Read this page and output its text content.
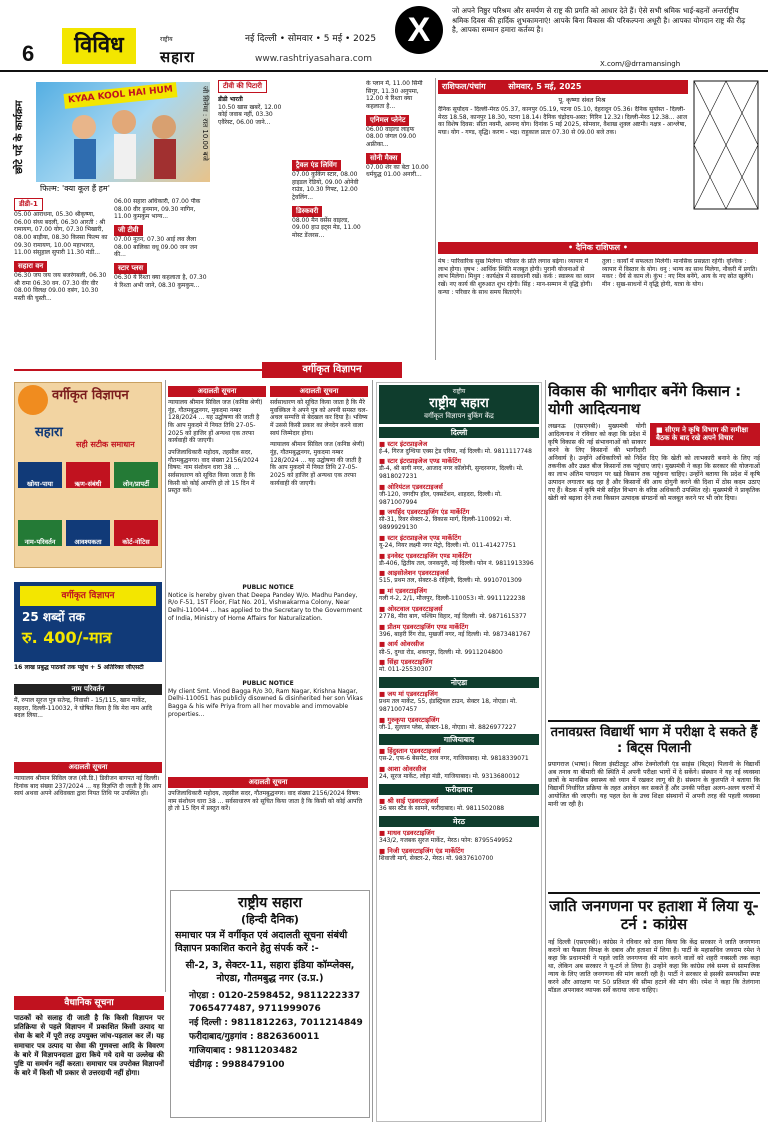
6	विविध	राष्ट्रीय
सहारा
नई दिल्ली • सोमवार • 5 मई • 2025
www.rashtriyasahara.com
X
जो अपने निष्ठुर परिश्रम और समर्पण से राष्ट्र की प्रगति को आधार देते हैं। ऐसे सभी श्रमिक भाई-बहनों अन्तर्राष्ट्रीय श्रमिक दिवस की हार्दिक शुभकामनाएं! आपके बिना विकास की परिकल्पना अधूरी है। आपका योगदान राष्ट्र की रीढ़ है, आपका सम्मान हमारा कर्तव्य है।
X.com/@drramansingh
KYAA KOOL HAI HUM
छोटे पर्दे के कार्यक्रम
फिल्म: 'क्या कूल हैं हम'
जी सिनेमा : रात 10.00 बजे
डीडी-1
05.00 आराधना, 05.30 श्रीकृष्णा, 06.00 संध्य बदली, 06.30 आरती : श्री रामायण, 07.00 योग, 07.30 भिखारी, 08.00 बाड़ीया, 08.30 किस्सा फिल्म का 09.30 रामायण, 10.00 महाभारत, 11.00 संसुहाल सुपारी 11.30 मंडी...
सहारा वन
06.30 जय जय जय बजरंगबली, 06.30 श्री रामा 06.30 वन. 07.30 वीर वीर 08.00 विलक्ष 09.00 दबंग, 10.30 मस्ती की चुस्ती...
06.00 सहारा अधिकारी, 07.00 पीक 08.00 वीर हुनमान, 09.30 नागिन, 11.00 कुमकुम भाग्य...
जी टीवी
07.00 नूतन, 07.30 आई लव लैला 08.00 बालिका वधू 09.00 जन जन की...
स्टार प्लस
06.30 ये रिश्ता क्या कहलाता है, 07.30 ये रिश्ता अभी जाने, 08.30 कुमकुम...
टीवी की पिटारी
डीडी भारती
10.50 खास खबरें, 12.00 कोई जवाब नहीं, 03.30 एवैरेस्ट, 06.00 जाने...
ट्रैवल एंड लिविंग
07.00 कुकिंग स्टार, 08.00 हाइडल रेडियो, 09.00 ओनेवी राउंड, 10.30 गिफ्ट, 12.00 ट्रेवलिंग...
डिस्कवरी
08.00 मैन वर्सेस वाइल्ड, 09.00 हाउ इट्स मेड, 11.00 मोस्ट डेंजरस...
के प्लान में, 11.00 सिमी सिगुर, 11.30 अनुपमा, 12.00 ये रिश्ता क्या कहलाता है...
एनिमल प्लेनेट
06.00 वाइल्ड लाइफ 08.00 जंगल 09.00 अफ्रीका...
सोनी मैक्स
07.00 शेर का बेटा 10.00 धर्मयुद्ध 01.00 अनारी...
राशिफल/पंचांग	सोमवार, 5 मई, 2025
पू. कृष्णा संवत मिश्र
दैनिक सूर्योदय - दिल्ली-मेरठ 05.37, कानपुर 05.19, पटना 05.10, देहरादून 05.36। दैनिक सूर्यास्त - दिल्ली-मेरठ 18.58, कानपुर 18.30, पटना 18.14। दैनिक चंद्रोदय-अस्त: गिरिन 12.32। दिल्ली-मेरठ 12.38... आज का विशेष दिवस: सीता नवमी, आनन्द योग। दिनांक 5 मई 2025, सोमवार, वैशाख शुक्ल अष्टमी। नक्षत्र - आश्लेषा, मघा। योग - गण्ड, वृद्धि। करण - भद्र। राहुकाल प्रातः 07.30 से 09.00 बजे तक।
• दैनिक राशिफल •
मेष : पारिवारिक सुख मिलेगा। परिवार के प्रति लगाव बढ़ेगा। व्यापार में लाभ होगा। वृषभ : आर्थिक स्थिति मजबूत होगी। पुरानी योजनाओं से लाभ मिलेगा। मिथुन : कार्यक्षेत्र में सावधानी रखें। कर्क : स्वास्थ्य का ध्यान रखें। नए कार्य की शुरुआत शुभ रहेगी। सिंह : मान-सम्मान में वृद्धि होगी। कन्या : परिवार के साथ समय बिताएंगे।
तुला : कार्यों में सफलता मिलेगी। मानसिक प्रसन्नता रहेगी। वृश्चिक : व्यापार में विस्तार के योग। धनु : भाग्य का साथ मिलेगा, नौकरी में प्रगति। मकर : धैर्य से काम लें। कुंभ : नए मित्र बनेंगे, आय के नए स्रोत खुलेंगे। मीन : सुख-साधनों में वृद्धि होगी, यात्रा के योग।
वर्गीकृत विज्ञापन
वर्गीकृत विज्ञापन
सहारा
सही सटीक समाधान
खोया-पाया	ऋण-संबंधी	लोन/प्रापर्टी
नाम-परिवर्तन	आवश्यकता	कोर्ट-नोटिस
PUBLIC NOTICE
Notice is hereby given that Deepa Pandey W/o. Madhu Pandey, R/o F-51, 1ST Floor, Flat No. 201, Vishwakarma Colony, Near Delhi-110044 ... has applied to the Secretary to the Government of India, Ministry of Home Affairs for Naturalization.
वर्गीकृत विज्ञापन
25 शब्दों तक
रु. 400/-मात्र
16 लाख प्रबुद्ध पाठकों तक पहुंच + 5 अतिरिक्त जीएसटी
नाम परिवर्तन
मैं, रुपाल सूरज पुत्र सतेन्द्र, निवासी - 15/115, खान मार्केट, सहदरा, दिल्ली-110032, ने घोषित किया है कि मेरा नाम आदि बदल लिया...
अदालती सूचना
न्यायालय श्रीमान सिविल जज (सी.डि.) डिवीजन बागपत नई दिल्ली। दिनांक बाद संख्या 237/2024 ... यह विज्ञप्ति दी जाती है कि आप स्वयं अथवा अपने अधिवक्ता द्वारा नियत तिथि पर उपस्थित हों।
PUBLIC NOTICE
My client Smt. Vinod Bagga R/o 30, Ram Nagar, Krishna Nagar, Delhi-110051 has publicly disowned & disinherited her son Vikas Bagga & his wife Priya from all her movable and immovable properties...
अदालती सूचना
न्यायालय श्रीमान सिविल जज (कनिष्ठ श्रेणी) नूंह, गौतमबुद्धनगर, मुकदमा नम्बर 128/2024 ... यह उद्घोषणा की जाती है कि आप मुकदमे में नियत तिथि 27-05-2025 को हाजिर हों अन्यथा एक तरफा कार्यवाही की जाएगी।
उपजिलाधिकारी महोदय, तहसील सदर, गौतमबुद्धनगर। वाद संख्या 2156/2024 विषय: नाम संशोधन धारा 38 ... सर्वसाधारण को सूचित किया जाता है कि किसी को कोई आपत्ति हो तो 15 दिन में प्रस्तुत करें।
अदालती सूचना
सर्वसाधारण को सूचित किया जाता है कि मैरे मुवक्किल ने अपने पुत्र को अपनी समस्त चल-अचल सम्पत्ति से बेदखल कर दिया है। भविष्य में उससे किसी प्रकार का लेनदेन करने वाला स्वयं जिम्मेदार होगा।
न्यायालय श्रीमान सिविल जज (कनिष्ठ श्रेणी) नूंह, गौतमबुद्धनगर, मुकदमा नम्बर 128/2024 ... यह उद्घोषणा की जाती है कि आप मुकदमे में नियत तिथि 27-05-2025 को हाजिर हों अन्यथा एक तरफा कार्यवाही की जाएगी।
अदालती सूचना
उपजिलाधिकारी महोदय, तहसील सदर, गौतमबुद्धनगर। वाद संख्या 2156/2024 विषय: नाम संशोधन धारा 38 ... सर्वसाधारण को सूचित किया जाता है कि किसी को कोई आपत्ति हो तो 15 दिन में प्रस्तुत करें।
राष्ट्रीय सहारा
(हिन्दी दैनिक)
समाचार पत्र में वर्गीकृत एवं अदालती सूचना संबंधी विज्ञापन प्रकाशित कराने हेतु संपर्क करें :-
सी-2, 3, सेक्टर-11, सहारा इंडिया कॉम्प्लेक्स, नोएडा, गौतमबुद्ध नगर (उ.प्र.)
नोएडा : 0120-2598452, 9811222337
7065477487, 9711999076
नई दिल्ली : 9811812263, 7011214849
फरीदाबाद/गुड़गांव : 8826360011
गाजियाबाद : 9811203482
चंडीगढ़ : 9988479100
वैधानिक सूचना
पाठकों को सलाह दी जाती है कि किसी विज्ञापन पर प्रतिक्रिया से पहले विज्ञापन में प्रकाशित किसी उत्पाद या सेवा के बारे में पूरी तरह उपयुक्त जांच-पड़ताल कर लें। यह समाचार पत्र उत्पाद या सेवा की गुणवत्ता आदि के विवरण के बारे में विज्ञापनदाता द्वारा किये गये दावे या उल्लेख की पुष्टि या समर्थन नहीं करता। समाचार पत्र उपरोक्त विज्ञापनों के बारे में किसी भी प्रकार से उत्तरदायी नहीं होगा।
राष्ट्रीय
राष्ट्रीय सहारा
वर्गीकृत विज्ञापन बुकिंग केंद्र
दिल्ली
■ स्टार इंटरप्राइजेज
ई-4, गिरज दुग्धिया एक्स ट्रेड एरिया, नई दिल्ली। मो. 9811117748
■ स्टार इंटरप्राइजेज एण्ड मार्केटिंग
डी-4, श्री बागी नगर, आजाद नगर कॉलोनी, सुन्दरनगर, दिल्ली। मो. 9818027231
■ ओरियंटल एडवरटाइजर्स
जी-120, जगदीप हॉल, एक्सटेंशन, शाहदरा, दिल्ली। मो. 9871007994
■ जयहिंद एडवरटाइजिंग एंड मार्केटिंग
सी-31, रिवर सेक्टर-2, विकास मार्ग, दिल्ली-110092। मो. 9899929130
■ स्टार इंटरप्राइजेज एण्ड मार्केटिंग
यू-24, नियर लक्ष्मी नगर मेट्रो, दिल्ली। मो. 011-41427751
■ इनवेस्ट एडवरटाइजिंग एण्ड मार्केटिंग
डी-406, द्वितीय तल, जनकपुरी, नई दिल्ली। फोन नं. 9811913396
■ आइसोलेशन एडवरटाइजर्स
515, प्रथम तल, सेक्टर-8 रोहिणी, दिल्ली। मो. 9910701309
■ मां एडवरटाइजिंग
गली नं-2, 2/1, मौजपुर, दिल्ली-110053। मो. 9911122238
■ ओस्टवाल एडवरटाइजर्स
2778, मीरा बाग, पश्चिम विहार, नई दिल्ली। मो. 9871615377
■ प्रीतम एडवरटाइजिंग एण्ड मार्केटिंग
396, बाहरी रिंग रोड, मुखर्जी नगर, नई दिल्ली। मो. 9873481767
■ आर्य ओवरसीज
सी-5, दुग्धा रोड, शकरपुर, दिल्ली। मो. 9911204800
■ सिंहा एडवरटाइजिंग
मो. 011-25530307
नोएडा
■ जय मां एडवरटाइजिंग
प्रथम तल मार्केट, 55, इंडस्ट्रियल टाउन, सेक्टर 18, नोएडा। मो. 9871007457
■ गुरुकृपा एडवरटाइजिंग
जी-1, सुल्तान प्लेस, सेक्टर-18, नोएडा। मो. 8826977227
गाजियाबाद
■ हिंदुस्तान एडवरटाइजर्स
एस-2, एफ-6 बेसमेंट, राज नगर, गाजियाबाद। मो. 9818339071
■ आशा ओवरसीज
24, सूरज मार्केट, लोहा मंडी, गाजियाबाद। मो. 9313680012
फरीदाबाद
■ श्री साई एडवरटाइजर्स
36 बस स्टैंड के सामने, फरीदाबाद। मो. 9811502088
मेरठ
■ माधव एडवरटाइजिंग
343/2, गजबक सुरज मार्केट, मेरठ। फोन: 8795549952
■ निजी एडवरटाइजिंग एंड मार्केटिंग
शिवाजी मार्ग, सेक्टर-2, मेरठ। मो. 9837610700
विकास की भागीदार बनेंगे किसान : योगी आदित्यनाथ
■ सीएम ने कृषि विभाग की समीक्षा बैठक के बाद रखे अपने विचार
लखनऊ (एसएनबी)। मुख्यमंत्री योगी आदित्यनाथ ने रविवार को कहा कि प्रदेश में कृषि विकास की नई संभावनाओं को साकार करने के लिए किसानों की भागीदारी अनिवार्य है। उन्होंने अधिकारियों को निर्देश दिए कि खेती को लाभकारी बनाने के लिए नई तकनीक और उन्नत बीज किसानों तक पहुंचाए जाएं। मुख्यमंत्री ने कहा कि सरकार की योजनाओं का लाभ अंतिम पायदान पर खड़े किसान तक पहुंचना चाहिए। उन्होंने बताया कि प्रदेश में कृषि उत्पादन लगातार बढ़ रहा है और किसानों की आय दोगुनी करने की दिशा में ठोस कदम उठाए गए हैं। बैठक में कृषि मंत्री सहित विभाग के वरिष्ठ अधिकारी उपस्थित रहे। मुख्यमंत्री ने प्राकृतिक खेती को बढ़ावा देने तथा किसान उत्पादक संगठनों को मजबूत करने पर भी जोर दिया।
तनावग्रस्त विद्यार्थी भाग में परीक्षा दे सकते हैं : बिट्स पिलानी
प्रयागराज (भाषा)। बिरला इंस्टीट्यूट ऑफ टेक्नोलॉजी एंड साइंस (बिट्स) पिलानी के विद्यार्थी अब तनाव या बीमारी की स्थिति में अपनी परीक्षा भागों में दे सकेंगे। संस्थान ने यह नई व्यवस्था छात्रों के मानसिक स्वास्थ्य को ध्यान में रखकर लागू की है। संस्थान के कुलपति ने बताया कि विद्यार्थी निर्धारित प्रक्रिया के तहत आवेदन कर सकते हैं और उनकी परीक्षा अलग-अलग चरणों में आयोजित की जाएगी। यह पहल देश के उच्च शिक्षा संस्थानों में अपनी तरह की पहली व्यवस्था मानी जा रही है।
जाति जनगणना पर हताशा में लिया यू-टर्न : कांग्रेस
नई दिल्ली (एसएनबी)। कांग्रेस ने रविवार को दावा किया कि केंद्र सरकार ने जाति जनगणना कराने का फैसला विपक्ष के दबाव और हताशा में लिया है। पार्टी के महासचिव जयराम रमेश ने कहा कि प्रधानमंत्री ने पहले जाति जनगणना की मांग करने वालों को शहरी नक्सली तक कहा था, लेकिन अब सरकार ने यू-टर्न ले लिया है। उन्होंने कहा कि कांग्रेस लंबे समय से सामाजिक न्याय के लिए जाति जनगणना की मांग करती रही है। पार्टी ने सरकार से इसकी समयसीमा स्पष्ट करने और आरक्षण पर 50 प्रतिशत की सीमा हटाने की मांग की। रमेश ने कहा कि तेलंगाना मॉडल अपनाकर व्यापक सर्वे कराया जाना चाहिए।
